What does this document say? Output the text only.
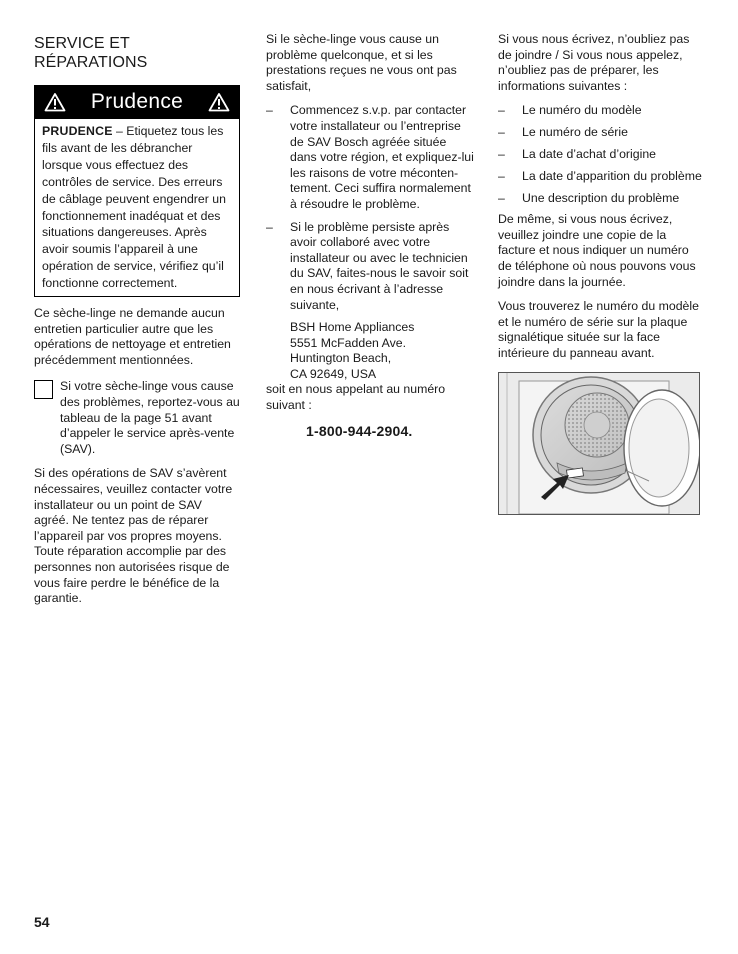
SERVICE ET
RÉPARATIONS
Prudence
PRUDENCE – Etiquetez tous les fils avant de les débrancher lorsque vous effectuez des contrôles de service. Des erreurs de câblage peuvent engendrer un fonctionnement inadéquat et des situations dangereuses. Après avoir soumis l’appareil à une opération de service, vérifiez qu’il fonctionne correctement.

Ce sèche-linge ne demande aucun entretien particulier autre que les opérations de nettoyage et entretien précédemment mentionnées.

Si votre sèche-linge vous cause des problèmes, reportez-vous au tableau de la page 51 avant d’appeler le service après-vente (SAV).

Si des opérations de SAV s’avèrent nécessaires, veuillez contacter votre installateur ou un point de SAV agréé. Ne tentez pas de réparer l’appareil par vos propres moyens. Toute réparation accomplie par des personnes non autorisées risque de vous faire perdre le bénéfice de la garantie.

Si le sèche-linge vous cause un problème quelconque, et si les prestations reçues ne vous ont pas satisfait,

– Commencez s.v.p. par contacter votre installateur ou l’entreprise de SAV Bosch agréée située dans votre région, et expliquez-lui les raisons de votre mécontentement. Ceci suffira normalement à résoudre le problème.
– Si le problème persiste après avoir collaboré avec votre installateur ou avec le technicien du SAV, faites-nous le savoir soit en nous écrivant à l’adresse suivante,
BSH Home Appliances
5551 McFadden Ave.
Huntington Beach,
CA 92649, USA

soit en nous appelant au numéro suivant :

1-800-944-2904.

Si vous nous écrivez, n’oubliez pas de joindre / Si vous nous appelez, n’oubliez pas de préparer, les informations suivantes :

– Le numéro du modèle
– Le numéro de série
– La date d’achat d’origine
– La date d’apparition du problème
– Une description du problème

De même, si vous nous écrivez, veuillez joindre une copie de la facture et nous indiquer un numéro de téléphone où nous pouvons vous joindre dans la journée.

Vous trouverez le numéro du modèle et le numéro de série sur la plaque signalétique située sur la face intérieure du panneau avant.

54
